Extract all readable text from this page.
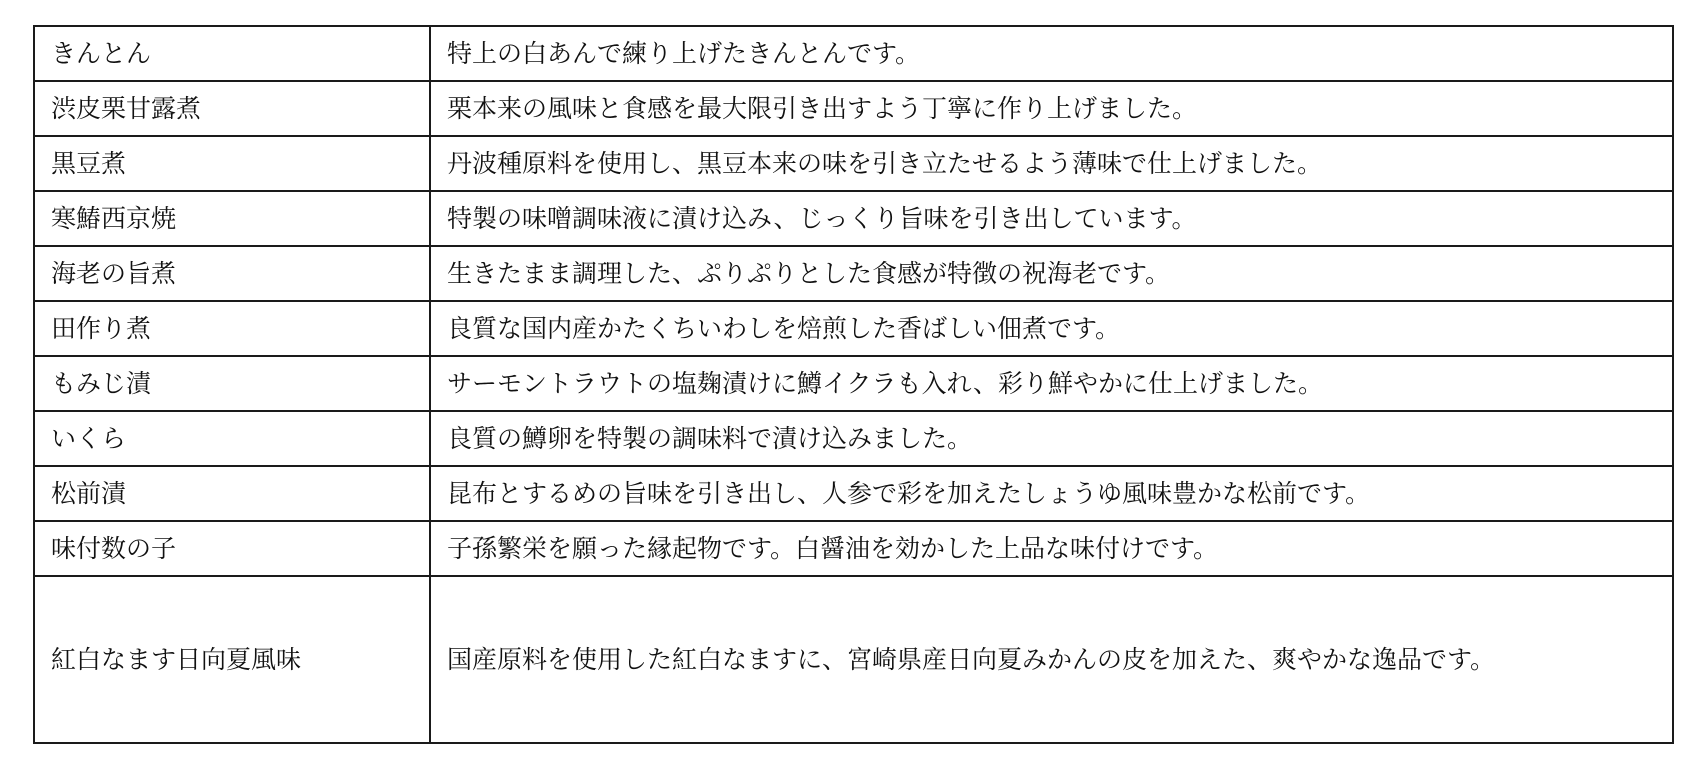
きんとん	特上の白あんで練り上げたきんとんです。
渋皮栗甘露煮	栗本来の風味と食感を最大限引き出すよう丁寧に作り上げました。
黒豆煮	丹波種原料を使用し、黒豆本来の味を引き立たせるよう薄味で仕上げました。
寒鰆西京焼	特製の味噌調味液に漬け込み、じっくり旨味を引き出しています。
海老の旨煮	生きたまま調理した、ぷりぷりとした食感が特徴の祝海老です。
田作り煮	良質な国内産かたくちいわしを焙煎した香ばしい佃煮です。
もみじ漬	サーモントラウトの塩麹漬けに鱒イクラも入れ、彩り鮮やかに仕上げました。
いくら	良質の鱒卵を特製の調味料で漬け込みました。
松前漬	昆布とするめの旨味を引き出し、人参で彩を加えたしょうゆ風味豊かな松前です。
味付数の子	子孫繁栄を願った縁起物です。白醤油を効かした上品な味付けです。
紅白なます日向夏風味	国産原料を使用した紅白なますに、宮崎県産日向夏みかんの皮を加えた、爽やかな逸品です。
